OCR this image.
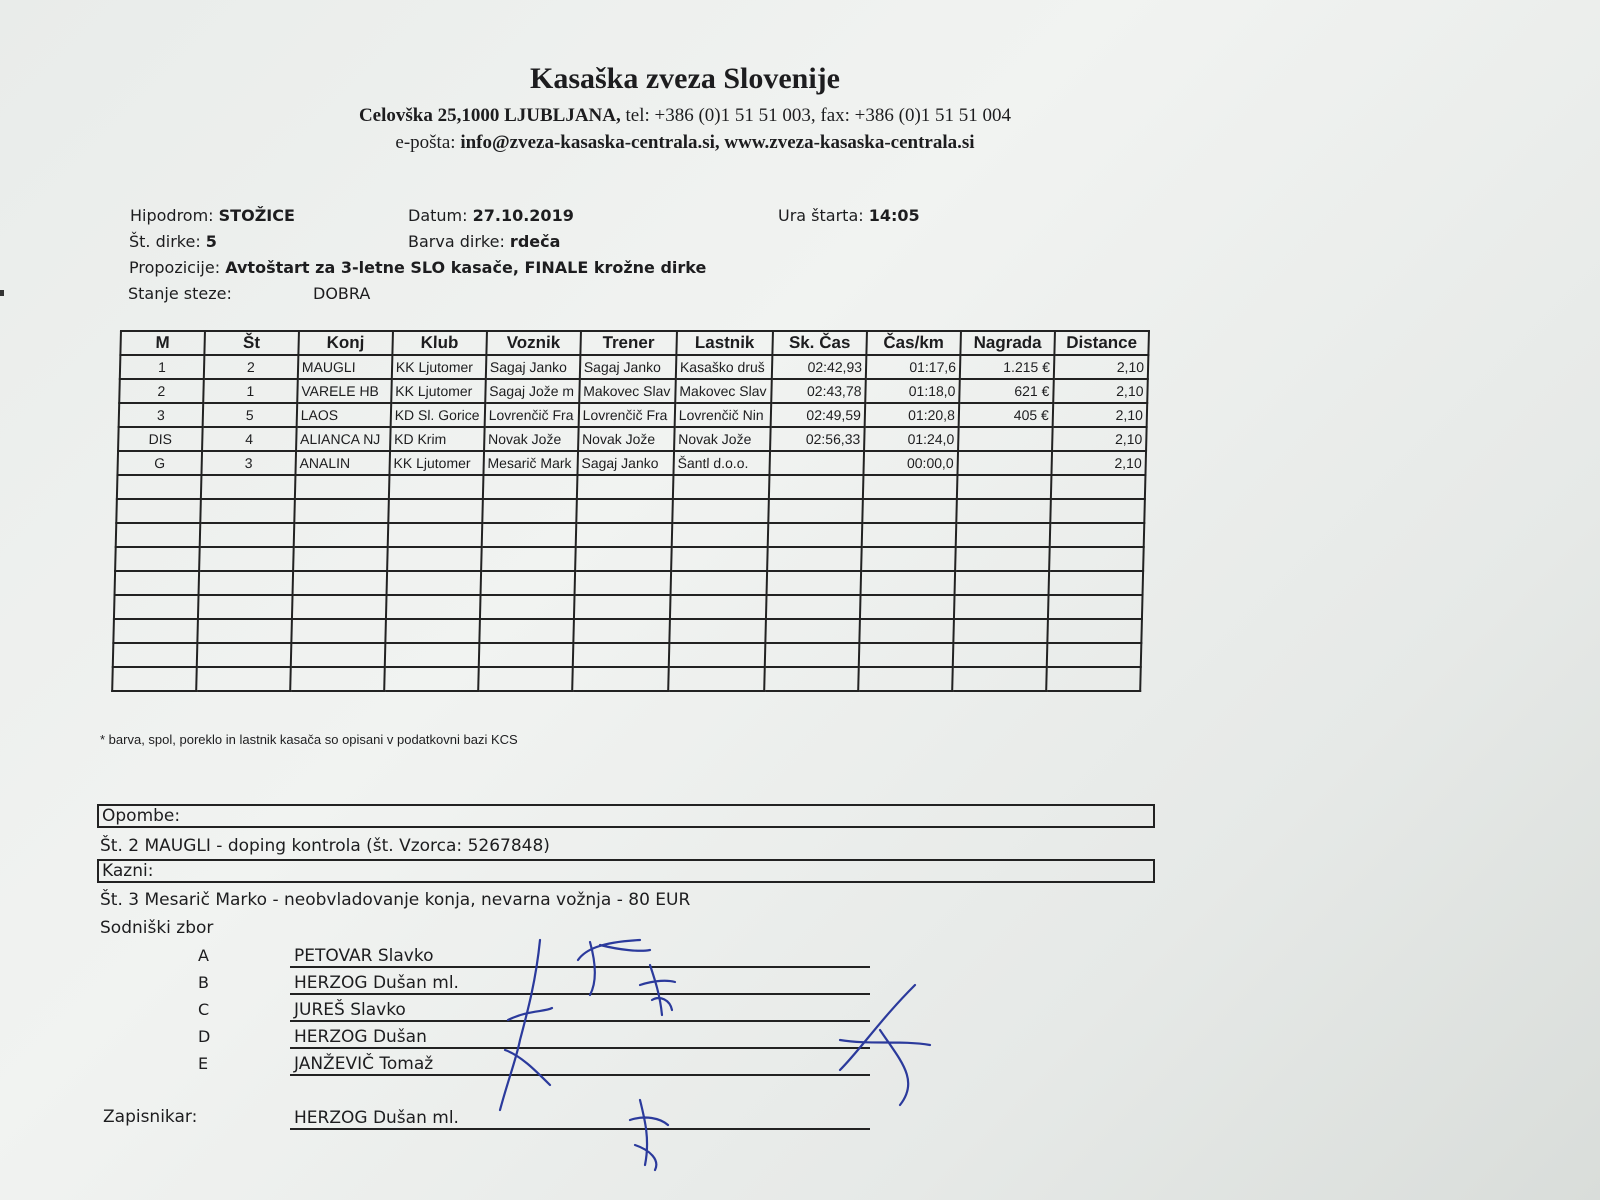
Kasaška zveza Slovenije
Celovška 25,1000 LJUBLJANA, tel: +386 (0)1 51 51 003, fax: +386 (0)1 51 51 004
e-pošta: info@zveza-kasaska-centrala.si, www.zveza-kasaska-centrala.si
Hipodrom: STOŽICE	Datum: 27.10.2019	Ura štarta: 14:05
Št. dirke: 5	Barva dirke: rdeča
Propozicije: Avtoštart za 3-letne SLO kasače, FINALE krožne dirke
Stanje steze:	DOBRA
M	Št	Konj	Klub	Voznik	Trener	Lastnik	Sk. Čas	Čas/km	Nagrada	Distance
1	2	MAUGLI	KK Ljutomer	Sagaj Janko	Sagaj Janko	Kasaško druš	02:42,93	01:17,6	1.215 €	2,10
2	1	VARELE HB	KK Ljutomer	Sagaj Jože m	Makovec Slav	Makovec Slav	02:43,78	01:18,0	621 €	2,10
3	5	LAOS	KD Sl. Gorice	Lovrenčič Fra	Lovrenčič Fra	Lovrenčič Nin	02:49,59	01:20,8	405 €	2,10
DIS	4	ALIANCA NJ	KD Krim	Novak Jože	Novak Jože	Novak Jože	02:56,33	01:24,0		2,10
G	3	ANALIN	KK Ljutomer	Mesarič Mark	Sagaj Janko	Šantl d.o.o.		00:00,0		2,10

* barva, spol, poreklo in lastnik kasača so opisani v podatkovni bazi KCS
Opombe:
Št. 2 MAUGLI - doping kontrola (št. Vzorca: 5267848)
Kazni:
Št. 3 Mesarič Marko - neobvladovanje konja, nevarna vožnja - 80 EUR
Sodniški zbor
A	PETOVAR Slavko
B	HERZOG Dušan ml.
C	JUREŠ Slavko
D	HERZOG Dušan
E	JANŽEVIČ Tomaž
Zapisnikar:	HERZOG Dušan ml.
